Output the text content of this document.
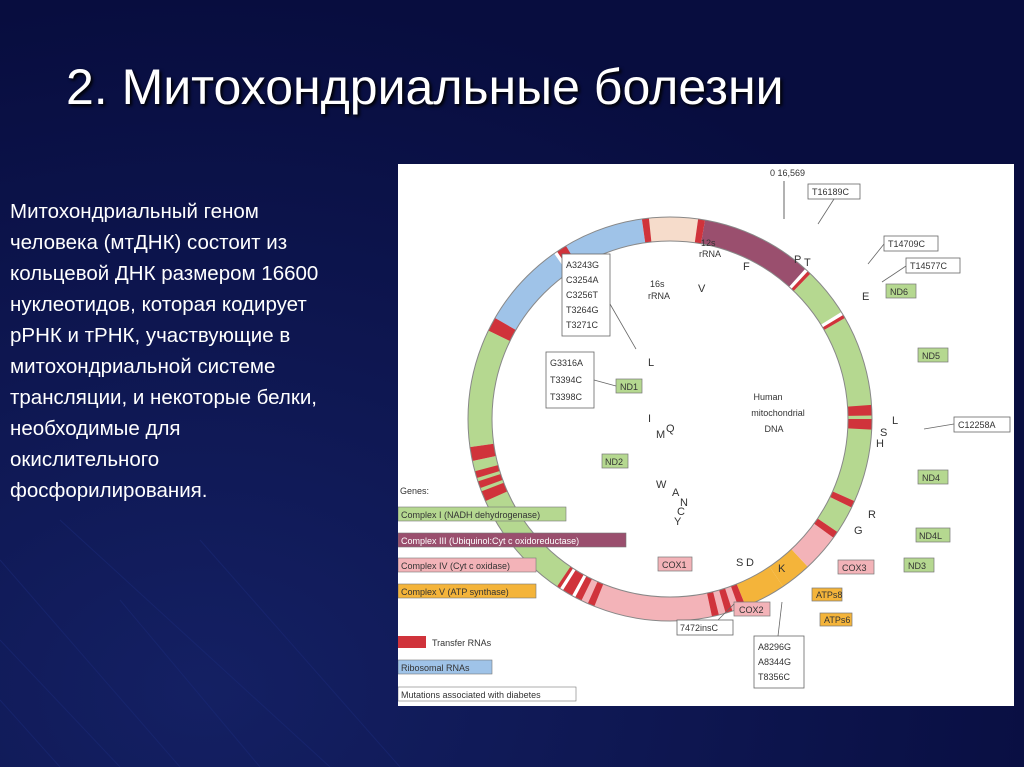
2. Митохондриальные болезни
Митохондриальный геном
человека (мтДНК) состоит из
кольцевой ДНК размером 16600
нуклеотидов, которая кодирует
рРНК и тРНК, участвующие в
митохондриальной системе
трансляции, и некоторые белки,
необходимые для
окислительного
фосфорилирования.
0 16,569
Human
mitochondrial
DNA
12s
rRNA
16s
rRNA
ND1
ND2
COX1
COX2
ATPs8
ATPs6
COX3	ND3
ND4L
ND4
ND5
ND6
Cyt b
F
V
L
I
M Q
W
A
N
C
Y
S D K
G
R
H
S
L
E
P T
T16189C
T14709C
T14577C
C12258A
A3243G
C3254A
C3256T
T3264G
T3271C
G3316A
T3394C
T3398C
7472insC
A8296G
A8344G
T8356C
Genes:
Complex I (NADH dehydrogenase)
Complex III (Ubiquinol:Cyt c oxidoreductase)
Complex IV (Cyt c oxidase)
Complex V (ATP synthase)
Transfer RNAs
Ribosomal RNAs
Mutations associated with diabetes
